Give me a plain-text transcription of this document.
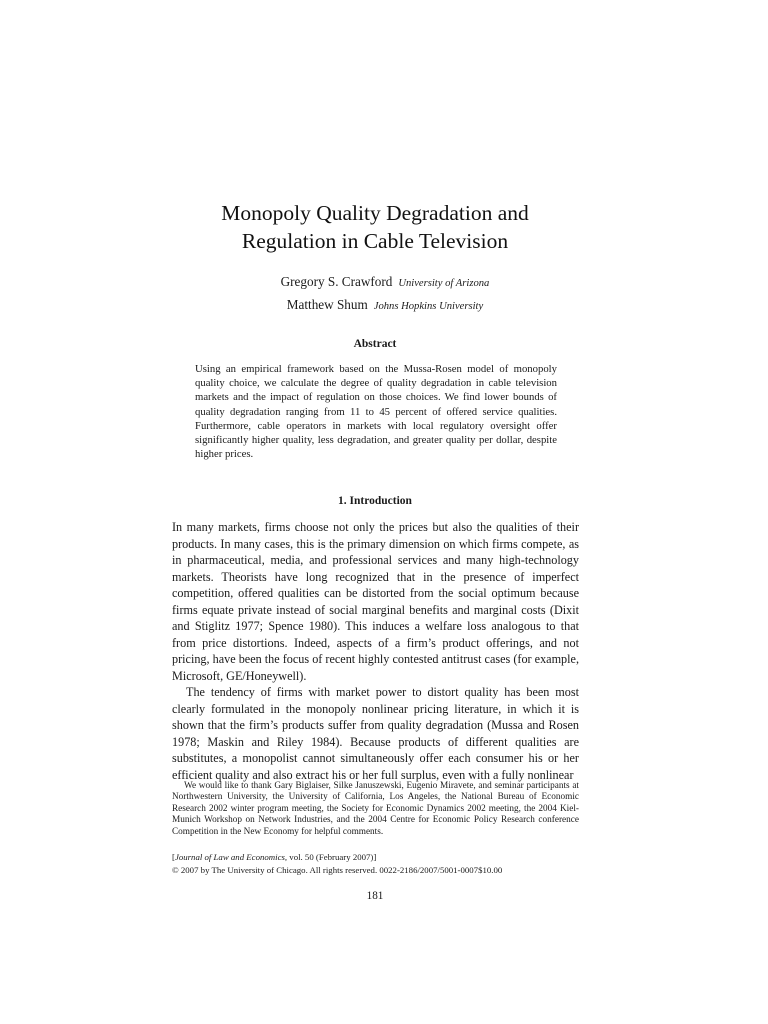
Monopoly Quality Degradation and
Regulation in Cable Television
Gregory S. Crawford University of Arizona
Matthew Shum Johns Hopkins University
Abstract

Using an empirical framework based on the Mussa-Rosen model of monopoly quality choice, we calculate the degree of quality degradation in cable television markets and the impact of regulation on those choices. We find lower bounds of quality degradation ranging from 11 to 45 percent of offered service qualities. Furthermore, cable operators in markets with local regulatory oversight offer significantly higher quality, less degradation, and greater quality per dollar, despite higher prices.

1. Introduction

In many markets, firms choose not only the prices but also the qualities of their products. In many cases, this is the primary dimension on which firms compete, as in pharmaceutical, media, and professional services and many high-technology markets. Theorists have long recognized that in the presence of imperfect competition, offered qualities can be distorted from the social optimum because firms equate private instead of social marginal benefits and marginal costs (Dixit and Stiglitz 1977; Spence 1980). This induces a welfare loss analogous to that from price distortions. Indeed, aspects of a firm’s product offerings, and not pricing, have been the focus of recent highly contested antitrust cases (for example, Microsoft, GE/Honeywell).

The tendency of firms with market power to distort quality has been most clearly formulated in the monopoly nonlinear pricing literature, in which it is shown that the firm’s products suffer from quality degradation (Mussa and Rosen 1978; Maskin and Riley 1984). Because products of different qualities are substitutes, a monopolist cannot simultaneously offer each consumer his or her efficient quality and also extract his or her full surplus, even with a fully nonlinear

We would like to thank Gary Biglaiser, Silke Januszewski, Eugenio Miravete, and seminar participants at Northwestern University, the University of California, Los Angeles, the National Bureau of Economic Research 2002 winter program meeting, the Society for Economic Dynamics 2002 meeting, the 2004 Kiel-Munich Workshop on Network Industries, and the 2004 Centre for Economic Policy Research conference Competition in the New Economy for helpful comments.

[Journal of Law and Economics, vol. 50 (February 2007)]
© 2007 by The University of Chicago. All rights reserved. 0022-2186/2007/5001-0007$10.00
181
